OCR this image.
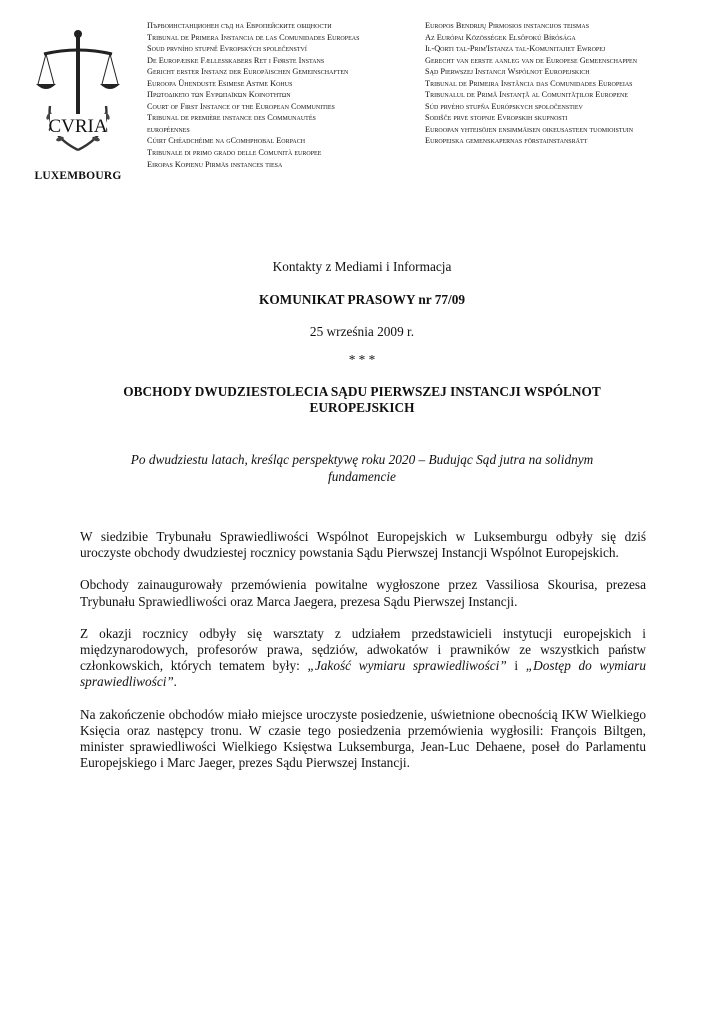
CVRIA
LUXEMBOURG
Първоинстанционен съд на Европейските общности
Tribunal de Primera Instancia de las Comunidades Europeas
Soud prvního stupně Evropských společenství
De Europæiske Fællesskabers Ret i Første Instans
Gericht erster Instanz der Europäischen Gemeinschaften
Euroopa Ühenduste Esimese Astme Kohus
Πρωτοδικείο των Ευρωπαϊκών Κοινοτήτων
Court of First Instance of the European Communities
Tribunal de première instance des Communautés
européennes
Cúirt Chéadchéime na gComhphobal Eorpach
Tribunale di primo grado delle Comunità europee
Eiropas Kopienu Pirmās instances tiesa
Europos Bendrijų Pirmosios instancijos teismas
Az Európai Közösségek Elsőfokú Bírósága
Il-Qorti tal-Prim'Istanza tal-Komunitajiet Ewropej
Gerecht van eerste aanleg van de Europese Gemeenschappen
Sąd Pierwszej Instancji Wspólnot Europejskich
Tribunal de Primeira Instância das Comunidades Europeias
Tribunalul de Primă Instanţă al Comunităţilor Europene
Súd prvého stupňa Európskych spoločenstiev
Sodišče prve stopnje Evropskih skupnosti
Euroopan yhteisöjen ensimmäisen oikeusasteen tuomioistuin
Europeiska gemenskapernas förstainstansrätt
Kontakty z Mediami i Informacja
KOMUNIKAT PRASOWY nr 77/09
25 września 2009 r.
* * *
OBCHODY DWUDZIESTOLECIA SĄDU PIERWSZEJ INSTANCJI WSPÓLNOT
EUROPEJSKICH
Po dwudziestu latach, kreśląc perspektywę roku 2020 – Budując Sąd jutra na solidnym
fundamencie

W siedzibie Trybunału Sprawiedliwości Wspólnot Europejskich w Luksemburgu odbyły się dziś uroczyste obchody dwudziestej rocznicy powstania Sądu Pierwszej Instancji Wspólnot Europejskich.

Obchody zainaugurowały przemówienia powitalne wygłoszone przez Vassiliosa Skourisa, prezesa Trybunału Sprawiedliwości oraz Marca Jaegera, prezesa Sądu Pierwszej Instancji.

Z okazji rocznicy odbyły się warsztaty z udziałem przedstawicieli instytucji europejskich i międzynarodowych, profesorów prawa, sędziów, adwokatów i prawników ze wszystkich państw członkowskich, których tematem były: „Jakość wymiaru sprawiedliwości” i „Dostęp do wymiaru sprawiedliwości”.

Na zakończenie obchodów miało miejsce uroczyste posiedzenie, uświetnione obecnością IKW Wielkiego Księcia oraz następcy tronu. W czasie tego posiedzenia przemówienia wygłosili: François Biltgen, minister sprawiedliwości Wielkiego Księstwa Luksemburga, Jean-Luc Dehaene, poseł do Parlamentu Europejskiego i Marc Jaeger, prezes Sądu Pierwszej Instancji.
